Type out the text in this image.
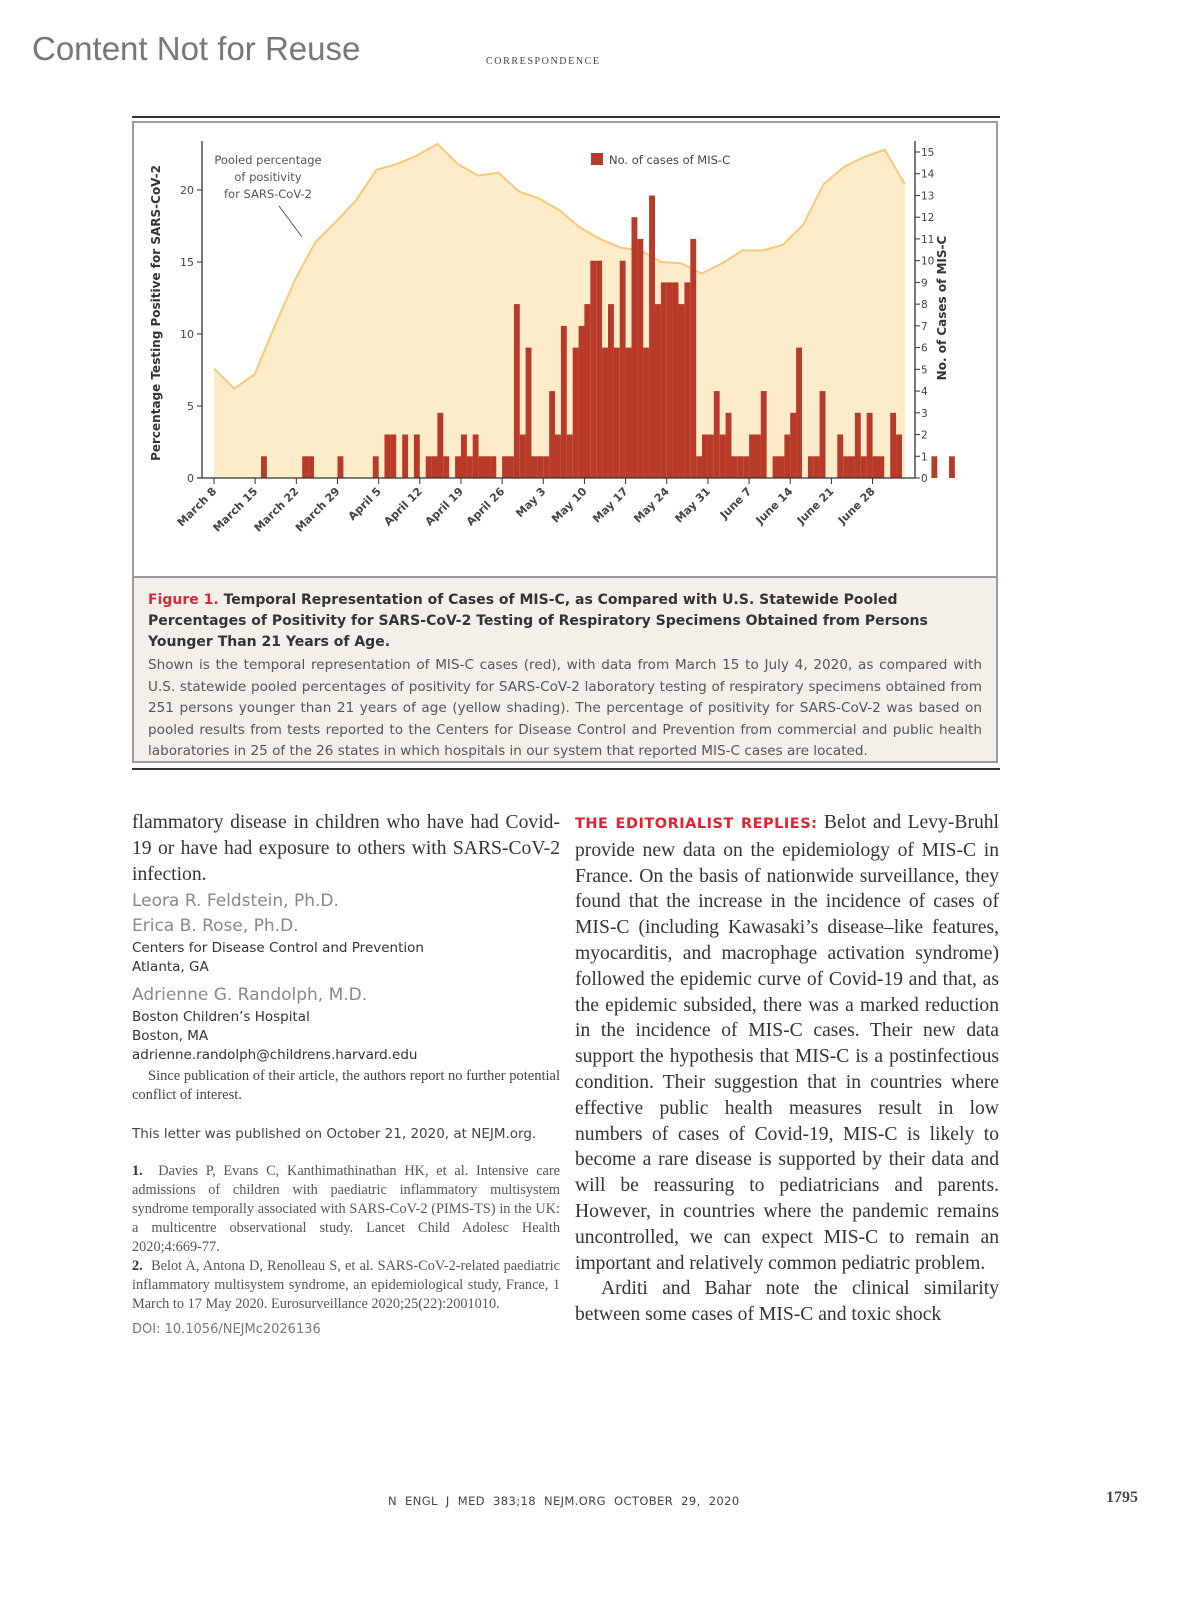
Content Not for Reuse	correspondence
0
5
10
15
20
March 8
March 15
March 22
March 29 April 5
April 12
April 19
April 26 May 3 May 10 May 17 May 24 May 31 June 7 June 14 June 21 June 28
0
1
2
3
4
5
6
7
8
9
10
11
12
13
14
15
Percentage Testing Positive for SARS-CoV-2	No. of Cases of MIS-C
Pooled percentage
of positivity
for SARS-CoV-2
No. of cases of MIS-C
Figure 1. Temporal Representation of Cases of MIS-C, as Compared with U.S. Statewide Pooled Percentages of Positivity for SARS-CoV-2 Testing of Respiratory Specimens Obtained from Persons Younger Than 21 Years of Age.
Shown is the temporal representation of MIS-C cases (red), with data from March 15 to July 4, 2020, as compared with U.S. statewide pooled percentages of positivity for SARS-CoV-2 laboratory testing of respiratory specimens obtained from 251 persons younger than 21 years of age (yellow shading). The percentage of positivity for SARS-CoV-2 was based on pooled results from tests reported to the Centers for Disease Control and Prevention from commercial and public health laboratories in 25 of the 26 states in which hospitals in our system that reported MIS-C cases are located.

flammatory disease in children who have had Covid-19 or have had exposure to others with SARS-CoV-2 infection.

Leora R. Feldstein, Ph.D.
Erica B. Rose, Ph.D.
Centers for Disease Control and Prevention
Atlanta, GA
Adrienne G. Randolph, M.D.
Boston Children’s Hospital
Boston, MA
adrienne.randolph@childrens.harvard.edu
Since publication of their article, the authors report no further potential conflict of interest.
This letter was published on October 21, 2020, at NEJM.org.
1. Davies P, Evans C, Kanthimathinathan HK, et al. Intensive care admissions of children with paediatric inflammatory multisystem syndrome temporally associated with SARS-CoV-2 (PIMS-TS) in the UK: a multicentre observational study. Lancet Child Adolesc Health 2020;4:669-77.
2. Belot A, Antona D, Renolleau S, et al. SARS-CoV-2-related paediatric inflammatory multisystem syndrome, an epidemiological study, France, 1 March to 17 May 2020. Eurosurveillance 2020;25(22):2001010.
DOI: 10.1056/NEJMc2026136

THE EDITORIALIST REPLIES: Belot and Levy-Bruhl provide new data on the epidemiology of MIS-C in France. On the basis of nationwide surveillance, they found that the increase in the incidence of cases of MIS-C (including Kawasaki’s disease–like features, myocarditis, and macrophage activation syndrome) followed the epidemic curve of Covid-19 and that, as the epidemic subsided, there was a marked reduction in the incidence of MIS-C cases. Their new data support the hypothesis that MIS-C is a postinfectious condition. Their suggestion that in countries where effective public health measures result in low numbers of cases of Covid-19, MIS-C is likely to become a rare disease is supported by their data and will be reassuring to pediatricians and parents. However, in countries where the pandemic remains uncontrolled, we can expect MIS-C to remain an important and relatively common pediatric problem.

Arditi and Bahar note the clinical similarity between some cases of MIS-C and toxic shock

N ENGL J MED 383;18 NEJM.ORG OCTOBER 29, 2020	1795
